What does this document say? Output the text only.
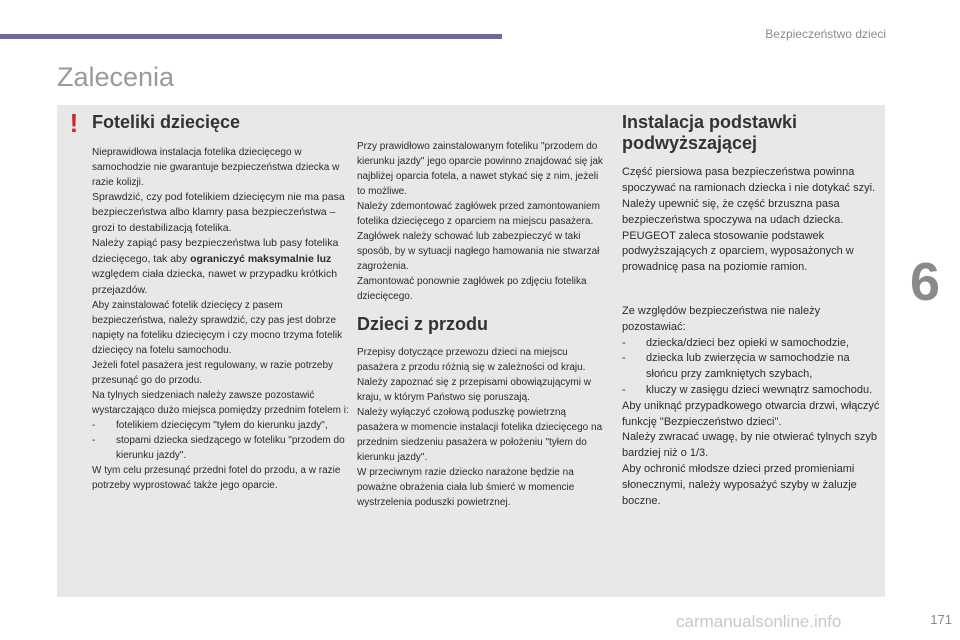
Bezpieczeństwo dzieci
Zalecenia
6
! Foteliki dziecięce

Nieprawidłowa instalacja fotelika dziecięcego w samochodzie nie gwarantuje bezpieczeństwa dziecka w razie kolizji.

Sprawdzić, czy pod fotelikiem dziecięcym nie ma pasa bezpieczeństwa albo klamry pasa bezpieczeństwa – grozi to destabilizacją fotelika.

Należy zapiąć pasy bezpieczeństwa lub pasy fotelika dziecięcego, tak aby ograniczyć maksymalnie luz względem ciała dziecka, nawet w przypadku krótkich przejazdów.

Aby zainstalować fotelik dziecięcy z pasem bezpieczeństwa, należy sprawdzić, czy pas jest dobrze napięty na foteliku dziecięcym i czy mocno trzyma fotelik dziecięcy na fotelu samochodu.

Jeżeli fotel pasażera jest regulowany, w razie potrzeby przesunąć go do przodu.

Na tylnych siedzeniach należy zawsze pozostawić wystarczająco dużo miejsca pomiędzy przednim fotelem i:

- fotelikiem dziecięcym "tyłem do kierunku jazdy",
- stopami dziecka siedzącego w foteliku "przodem do kierunku jazdy".

W tym celu przesunąć przedni fotel do przodu, a w razie potrzeby wyprostować także jego oparcie.

Przy prawidłowo zainstalowanym foteliku "przodem do kierunku jazdy" jego oparcie powinno znajdować się jak najbliżej oparcia fotela, a nawet stykać się z nim, jeżeli to możliwe.

Należy zdemontować zagłówek przed zamontowaniem fotelika dziecięcego z oparciem na miejscu pasażera.

Zagłówek należy schować lub zabezpieczyć w taki sposób, by w sytuacji nagłego hamowania nie stwarzał zagrożenia.

Zamontować ponownie zagłówek po zdjęciu fotelika dziecięcego.

Dzieci z przodu

Przepisy dotyczące przewozu dzieci na miejscu pasażera z przodu różnią się w zależności od kraju. Należy zapoznać się z przepisami obowiązującymi w kraju, w którym Państwo się poruszają.

Należy wyłączyć czołową poduszkę powietrzną pasażera w momencie instalacji fotelika dziecięcego na przednim siedzeniu pasażera w położeniu "tyłem do kierunku jazdy".

W przeciwnym razie dziecko narażone będzie na poważne obrażenia ciała lub śmierć w momencie wystrzelenia poduszki powietrznej.

Instalacja podstawki podwyższającej

Część piersiowa pasa bezpieczeństwa powinna spoczywać na ramionach dziecka i nie dotykać szyi.

Należy upewnić się, że część brzuszna pasa bezpieczeństwa spoczywa na udach dziecka.

PEUGEOT zaleca stosowanie podstawek podwyższających z oparciem, wyposażonych w prowadnicę pasa na poziomie ramion.

Ze względów bezpieczeństwa nie należy pozostawiać:

- dziecka/dzieci bez opieki w samochodzie,
- dziecka lub zwierzęcia w samochodzie na słońcu przy zamkniętych szybach,
- kluczy w zasięgu dzieci wewnątrz samochodu.

Aby uniknąć przypadkowego otwarcia drzwi, włączyć funkcję "Bezpieczeństwo dzieci".

Należy zwracać uwagę, by nie otwierać tylnych szyb bardziej niż o 1/3.

Aby ochronić młodsze dzieci przed promieniami słonecznymi, należy wyposażyć szyby w żaluzje boczne.

carmanualsonline.info	171
